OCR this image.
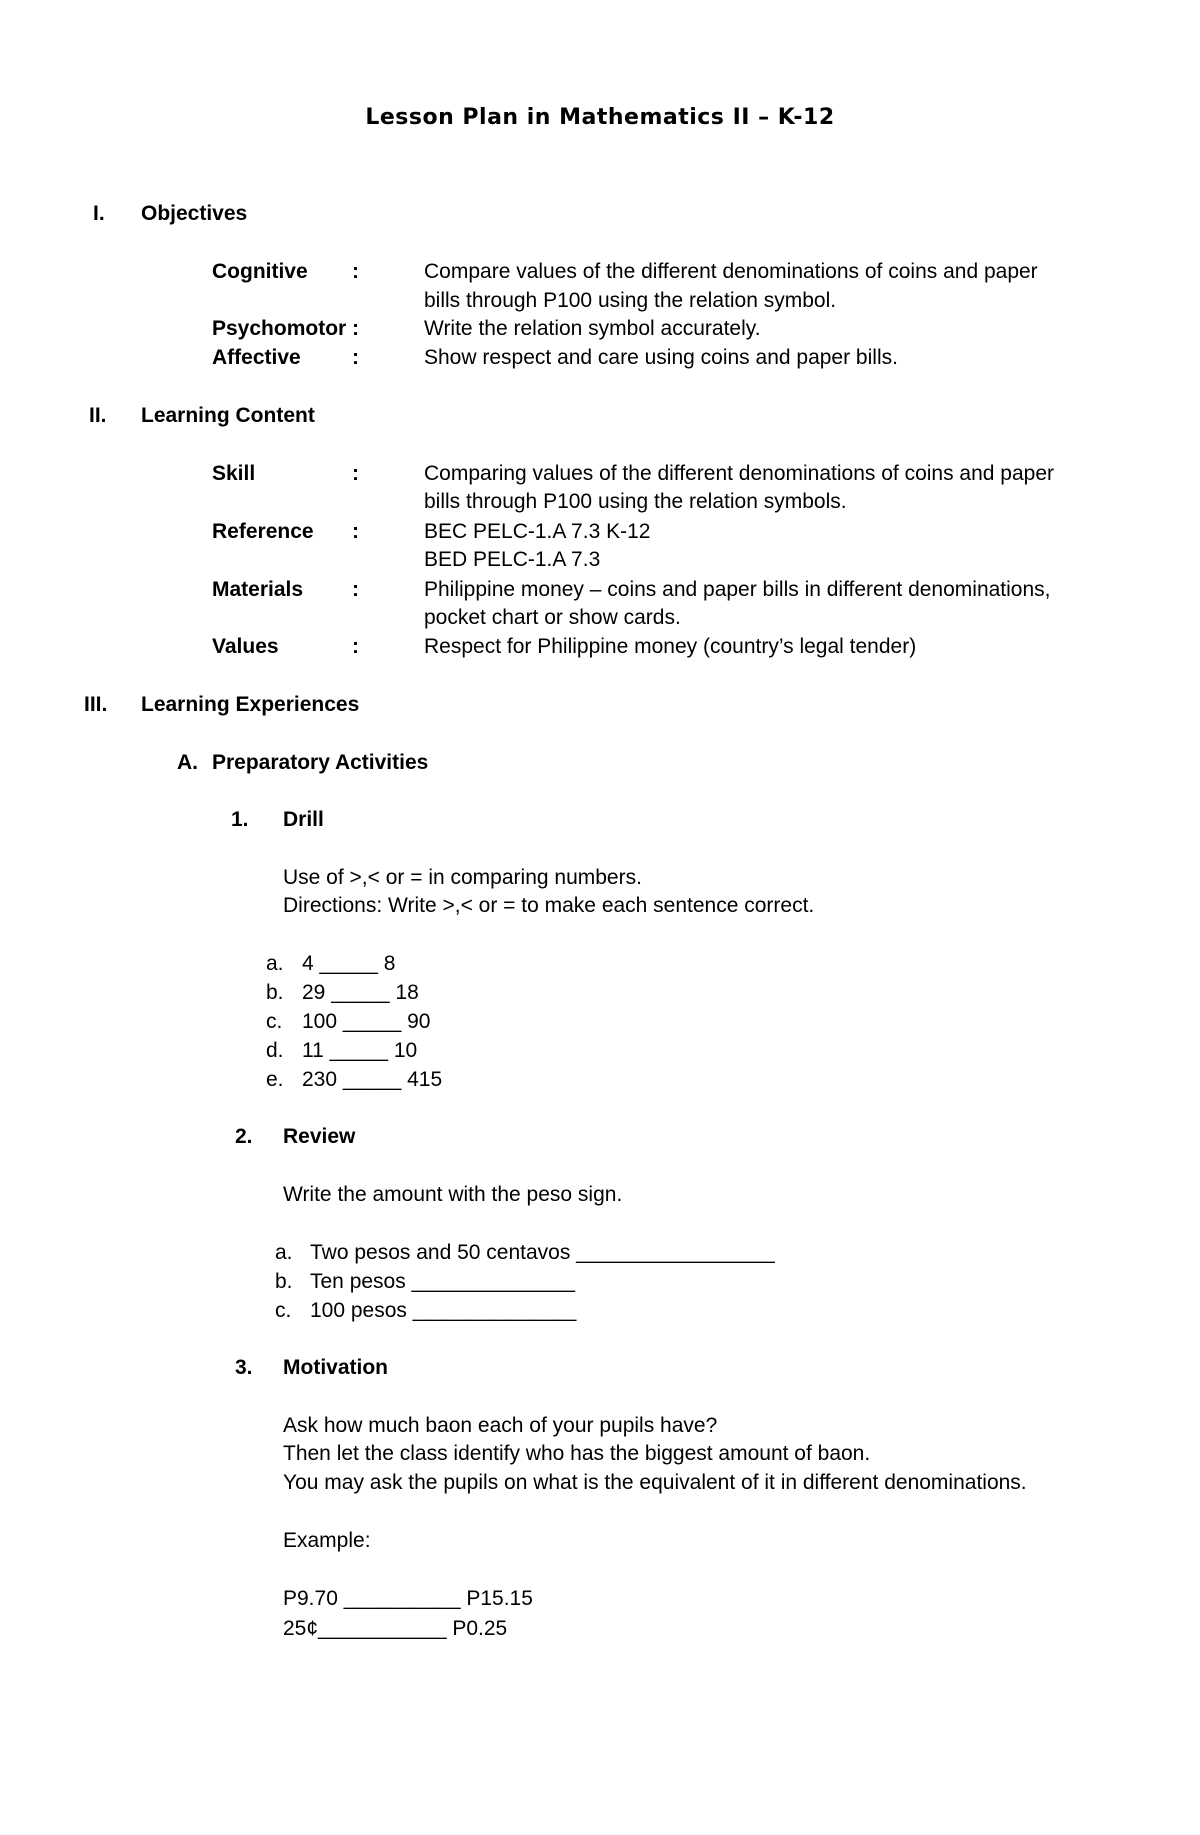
Lesson Plan in Mathematics II – K-12
I. Objectives
Cognitive :	Compare values of the different denominations of coins and paper
bills through P100 using the relation symbol.
Psychomotor :	Write the relation symbol accurately.
Affective :	Show respect and care using coins and paper bills.
II. Learning Content
Skill	:	Comparing values of the different denominations of coins and paper
bills through P100 using the relation symbols.
Reference :	BEC PELC-1.A 7.3 K-12
BED PELC-1.A 7.3
Materials :	Philippine money – coins and paper bills in different denominations,
pocket chart or show cards.
Values	:	Respect for Philippine money (country’s legal tender)
III. Learning Experiences
A. Preparatory Activities
1. Drill
Use of >,< or = in comparing numbers.
Directions: Write >,< or = to make each sentence correct.
a. 4 _____ 8
b. 29 _____ 18
c. 100 _____ 90
d. 11 _____ 10
e. 230 _____ 415
2. Review
Write the amount with the peso sign.
a. Two pesos and 50 centavos _________________
b. Ten pesos ______________
c. 100 pesos ______________
3. Motivation
Ask how much baon each of your pupils have?
Then let the class identify who has the biggest amount of baon.
You may ask the pupils on what is the equivalent of it in different denominations.
Example:
P9.70 __________ P15.15
25¢___________ P0.25
